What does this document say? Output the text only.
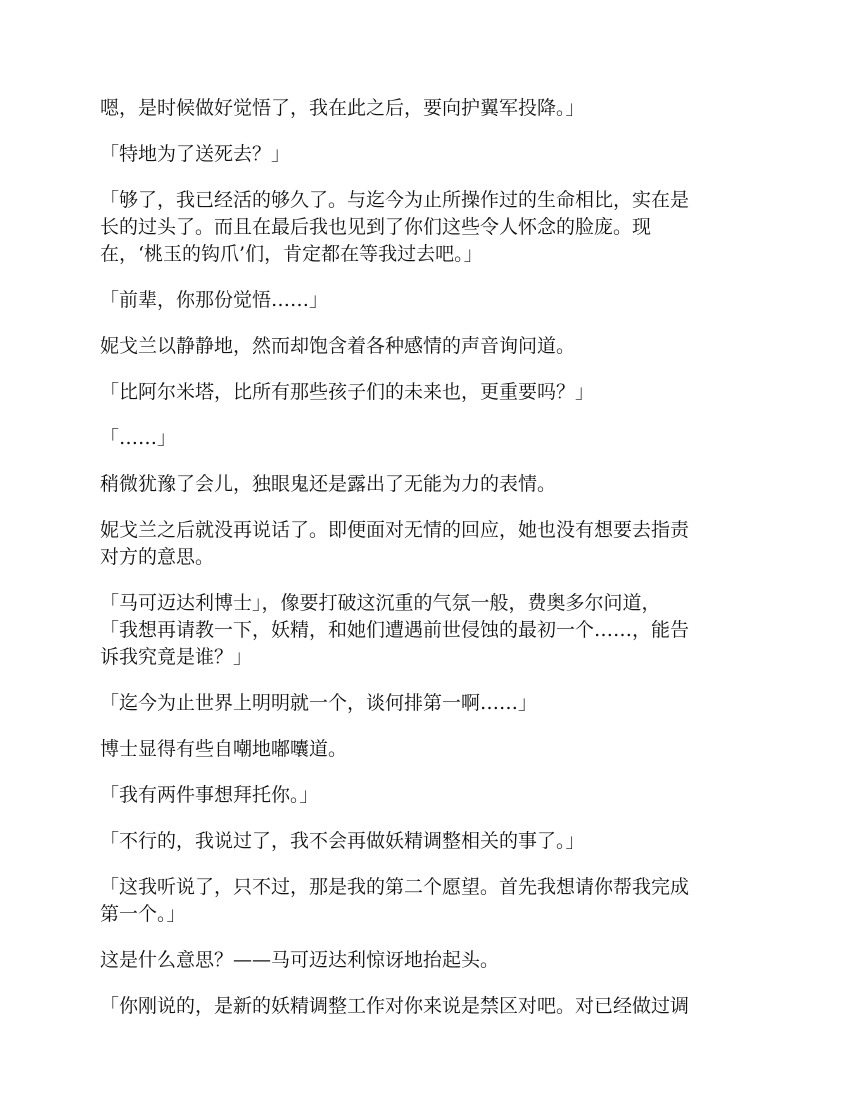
嗯，是时候做好觉悟了，我在此之后，要向护翼军投降。」

「特地为了送死去？」

「够了，我已经活的够久了。与迄今为止所操作过的生命相比，实在是
长的过头了。而且在最后我也见到了你们这些令人怀念的脸庞。现
在，‘桃玉的钩爪’们，肯定都在等我过去吧。」

「前辈，你那份觉悟……」

妮戈兰以静静地，然而却饱含着各种感情的声音询问道。

「比阿尔米塔，比所有那些孩子们的未来也，更重要吗？」

「……」

稍微犹豫了会儿，独眼鬼还是露出了无能为力的表情。

妮戈兰之后就没再说话了。即便面对无情的回应，她也没有想要去指责
对方的意思。

「马可迈达利博士」，像要打破这沉重的气氛一般，费奥多尔问道，
「我想再请教一下，妖精，和她们遭遇前世侵蚀的最初一个……，能告
诉我究竟是谁？」

「迄今为止世界上明明就一个，谈何排第一啊……」

博士显得有些自嘲地嘟囔道。

「我有两件事想拜托你。」

「不行的，我说过了，我不会再做妖精调整相关的事了。」

「这我听说了，只不过，那是我的第二个愿望。首先我想请你帮我完成
第一个。」

这是什么意思？——马可迈达利惊讶地抬起头。

「你刚说的，是新的妖精调整工作对你来说是禁区对吧。对已经做过调
